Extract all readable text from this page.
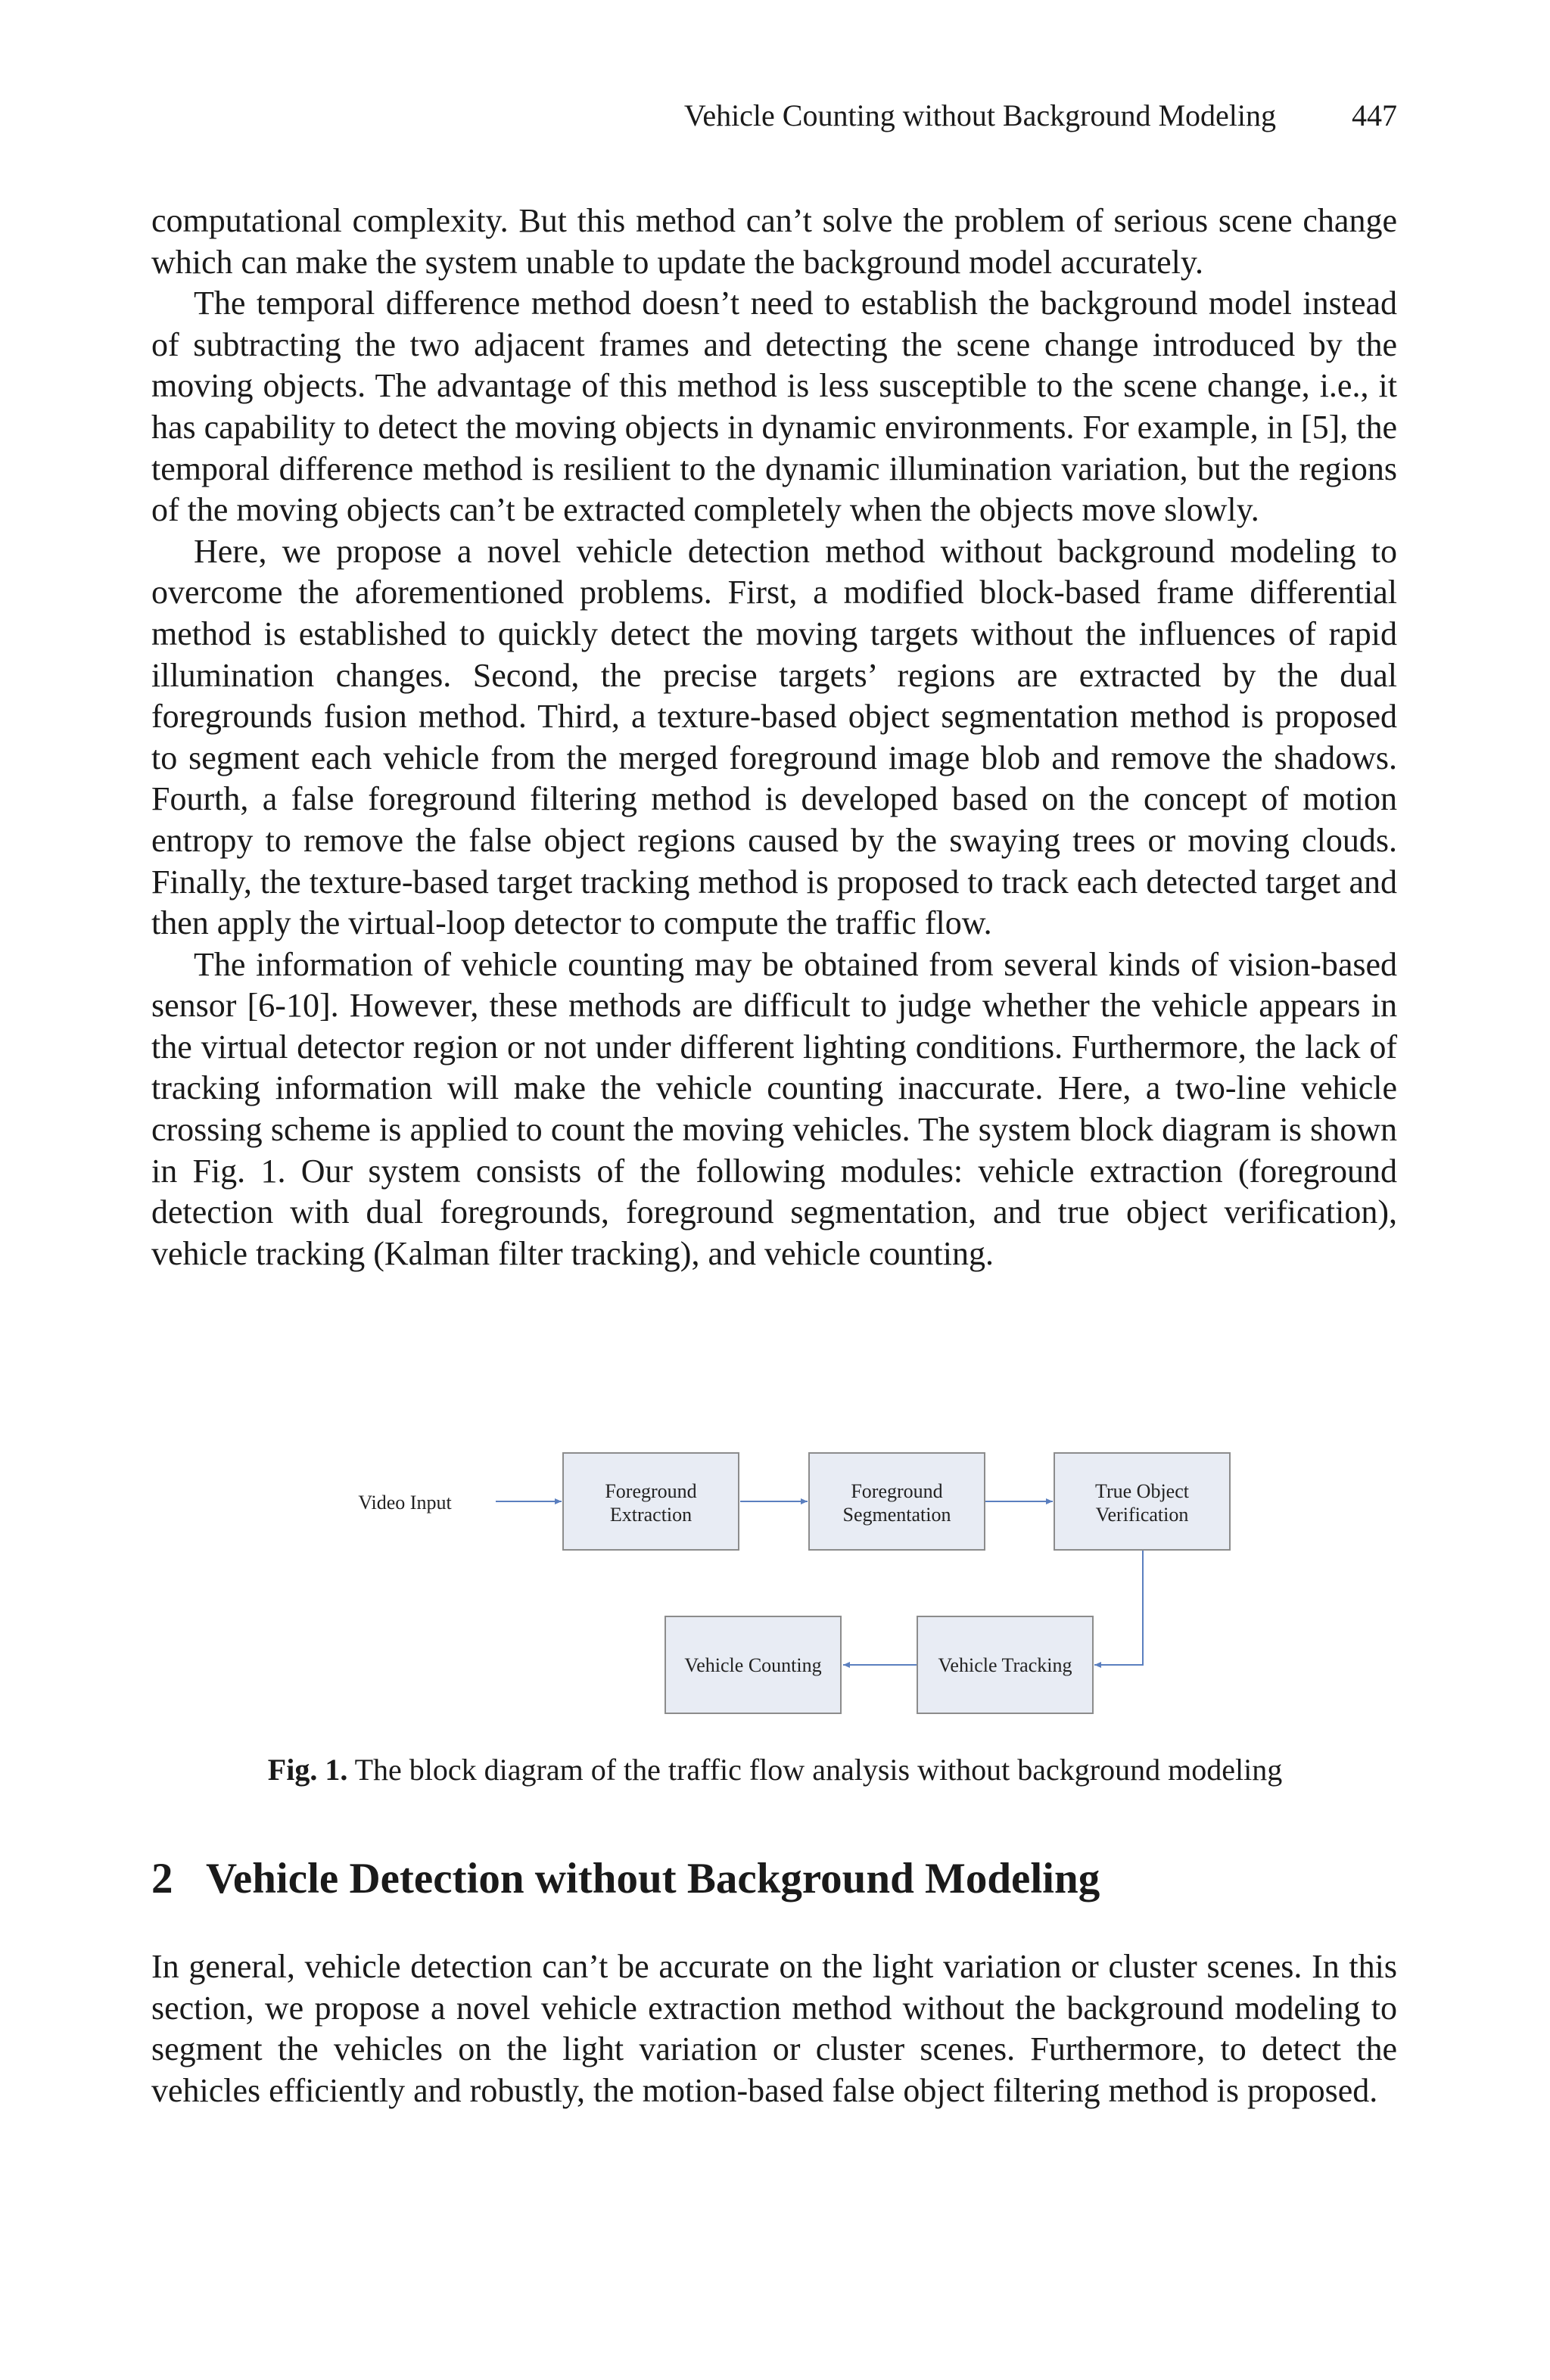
Vehicle Counting without Background Modeling	447

computational complexity. But this method can’t solve the problem of serious scene change which can make the system unable to update the background model accurately.

The temporal difference method doesn’t need to establish the background model instead of subtracting the two adjacent frames and detecting the scene change introduced by the moving objects. The advantage of this method is less susceptible to the scene change, i.e., it has capability to detect the moving objects in dynamic environments. For example, in [5], the temporal difference method is resilient to the dynamic illumination variation, but the regions of the moving objects can’t be extracted completely when the objects move slowly.

Here, we propose a novel vehicle detection method without background modeling to overcome the aforementioned problems. First, a modified block-based frame differential method is established to quickly detect the moving targets without the influences of rapid illumination changes. Second, the precise targets’ regions are extracted by the dual foregrounds fusion method. Third, a texture-based object segmentation method is proposed to segment each vehicle from the merged foreground image blob and remove the shadows. Fourth, a false foreground filtering method is developed based on the concept of motion entropy to remove the false object regions caused by the swaying trees or moving clouds. Finally, the texture-based target tracking method is proposed to track each detected target and then apply the virtual-loop detector to compute the traffic flow.

The information of vehicle counting may be obtained from several kinds of vision-based sensor [6-10]. However, these methods are difficult to judge whether the vehicle appears in the virtual detector region or not under different lighting conditions. Furthermore, the lack of tracking information will make the vehicle counting inaccurate. Here, a two-line vehicle crossing scheme is applied to count the moving vehicles. The system block diagram is shown in Fig. 1. Our system consists of the following modules: vehicle extraction (foreground detection with dual foregrounds, foreground segmentation, and true object verification), vehicle tracking (Kalman filter tracking), and vehicle counting.

Video Input
Foreground
Extraction
Foreground
Segmentation
True Object
Verification
Vehicle Tracking
Vehicle Counting
Fig. 1. The block diagram of the traffic flow analysis without background modeling
2 Vehicle Detection without Background Modeling

In general, vehicle detection can’t be accurate on the light variation or cluster scenes. In this section, we propose a novel vehicle extraction method without the background modeling to segment the vehicles on the light variation or cluster scenes. Furthermore, to detect the vehicles efficiently and robustly, the motion-based false object filtering method is proposed.
